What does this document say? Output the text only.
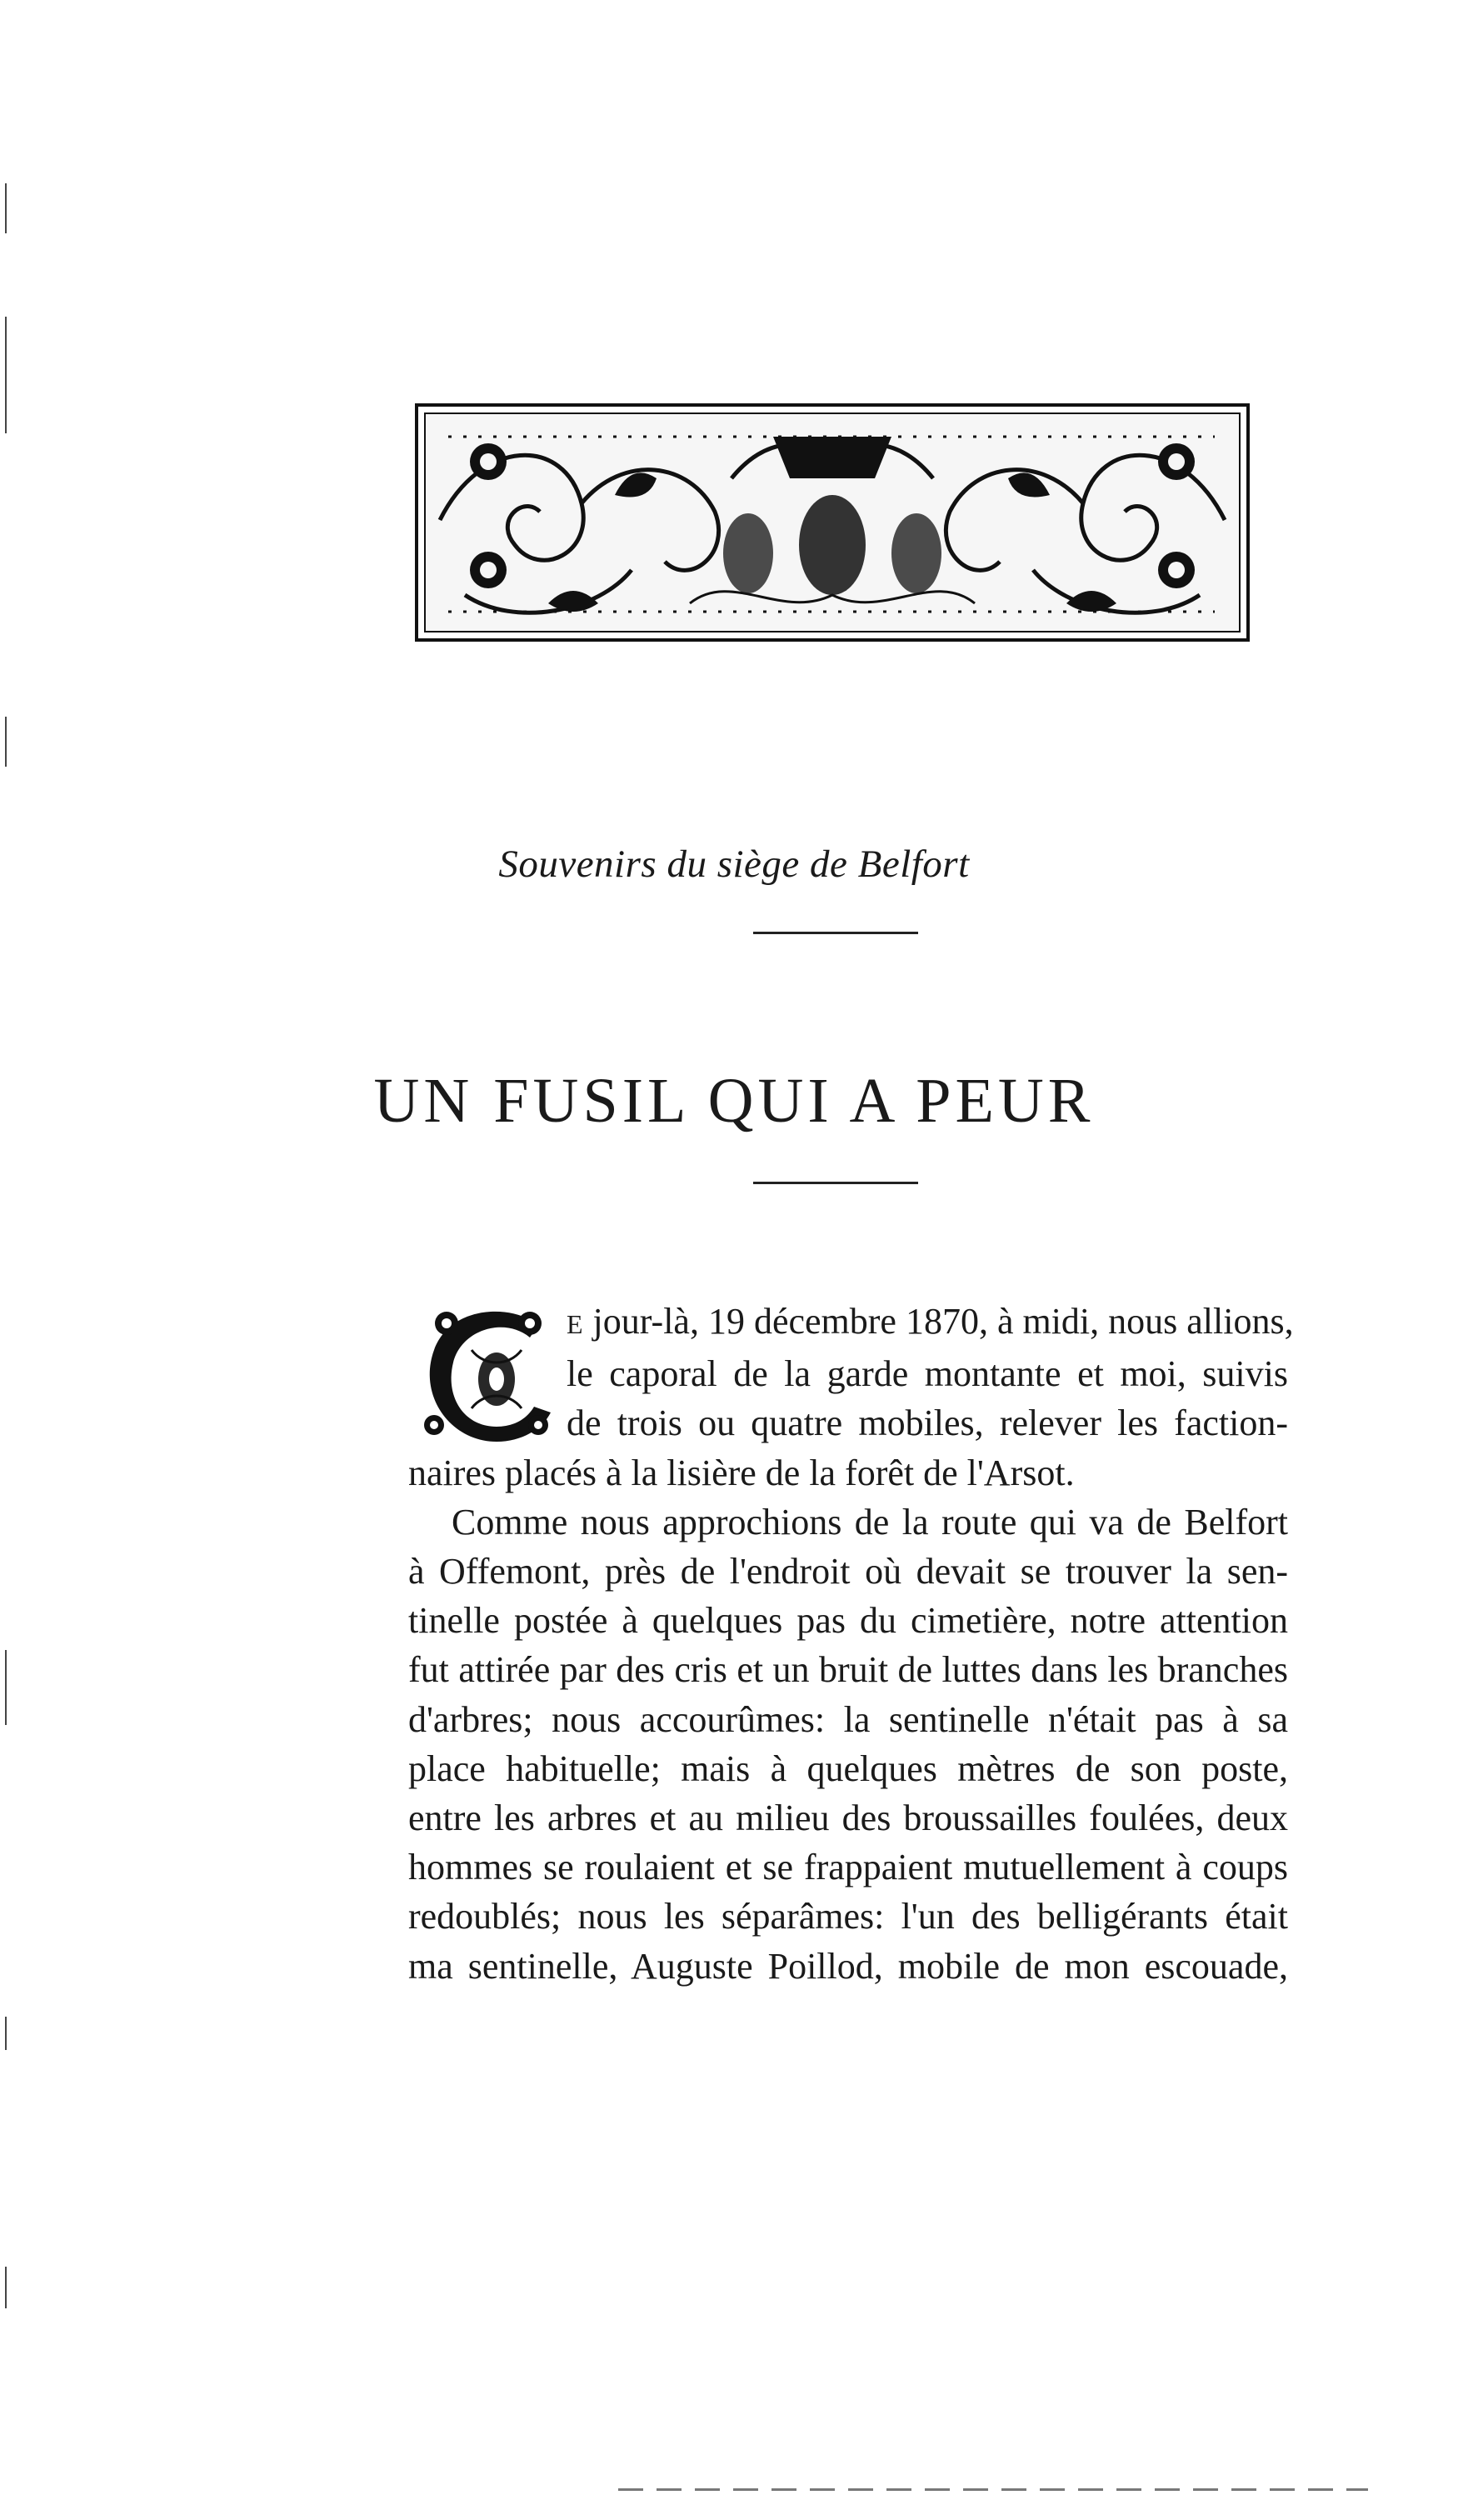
Souvenirs du siège de Belfort
UN FUSIL QUI A PEUR

E jour-là, 19 décembre 1870, à midi, nous allions,
le caporal de la garde montante et moi, suivis
de trois ou quatre mobiles, relever les faction-
naires placés à la lisière de la forêt de l'Arsot.

Comme nous approchions de la route qui va de Belfort
à Offemont, près de l'endroit où devait se trouver la sen-
tinelle postée à quelques pas du cimetière, notre attention
fut attirée par des cris et un bruit de luttes dans les branches
d'arbres; nous accourûmes: la sentinelle n'était pas à sa
place habituelle; mais à quelques mètres de son poste,
entre les arbres et au milieu des broussailles foulées, deux
hommes se roulaient et se frappaient mutuellement à coups
redoublés; nous les séparâmes: l'un des belligérants était
ma sentinelle, Auguste Poillod, mobile de mon escouade,
